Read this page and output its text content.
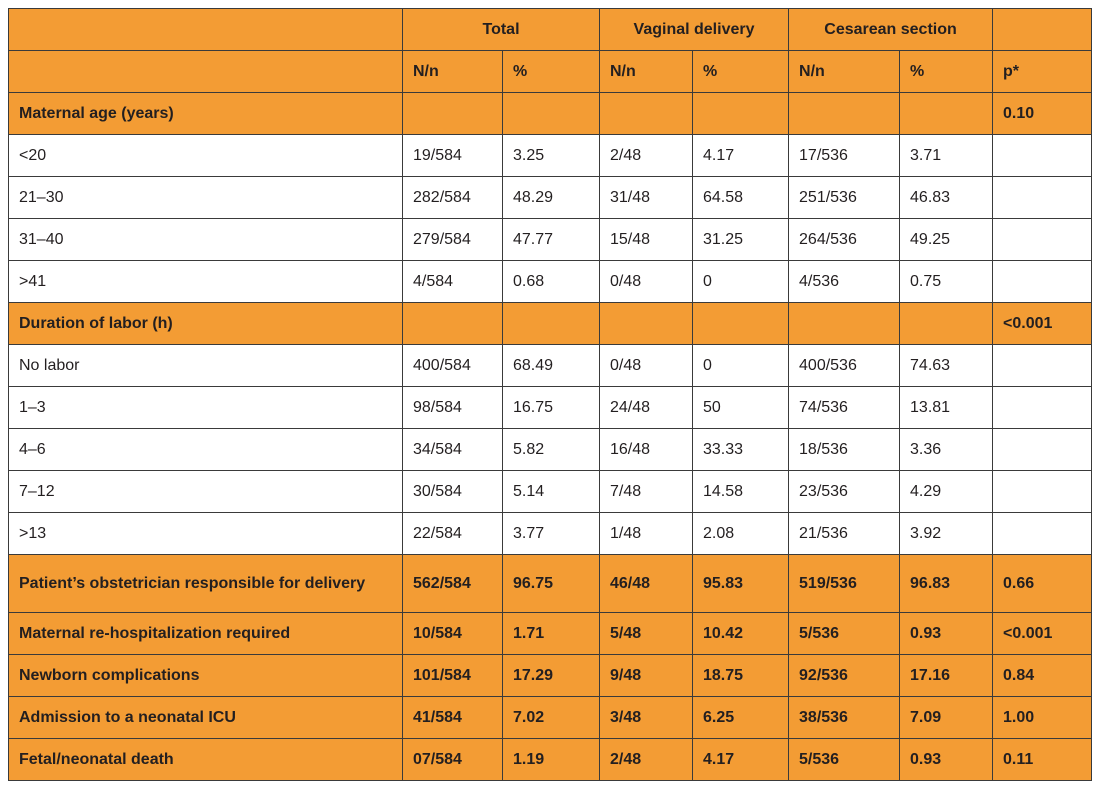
	Total		Vaginal delivery		Cesarean section		
	N/n	%	N/n	%	N/n	%	p*
Maternal age (years)							0.10
<20	19/584	3.25	2/48	4.17	17/536	3.71	
21–30	282/584	48.29	31/48	64.58	251/536	46.83	
31–40	279/584	47.77	15/48	31.25	264/536	49.25	
>41	4/584	0.68	0/48	0	4/536	0.75	
Duration of labor (h)							<0.001
No labor	400/584	68.49	0/48	0	400/536	74.63	
1–3	98/584	16.75	24/48	50	74/536	13.81	
4–6	34/584	5.82	16/48	33.33	18/536	3.36	
7–12	30/584	5.14	7/48	14.58	23/536	4.29	
>13	22/584	3.77	1/48	2.08	21/536	3.92	
Patient’s obstetrician responsible for delivery	562/584	96.75	46/48	95.83	519/536	96.83	0.66
Maternal re-hospitalization required	10/584	1.71	5/48	10.42	5/536	0.93	<0.001
Newborn complications	101/584	17.29	9/48	18.75	92/536	17.16	0.84
Admission to a neonatal ICU	41/584	7.02	3/48	6.25	38/536	7.09	1.00
Fetal/neonatal death	07/584	1.19	2/48	4.17	5/536	0.93	0.11
